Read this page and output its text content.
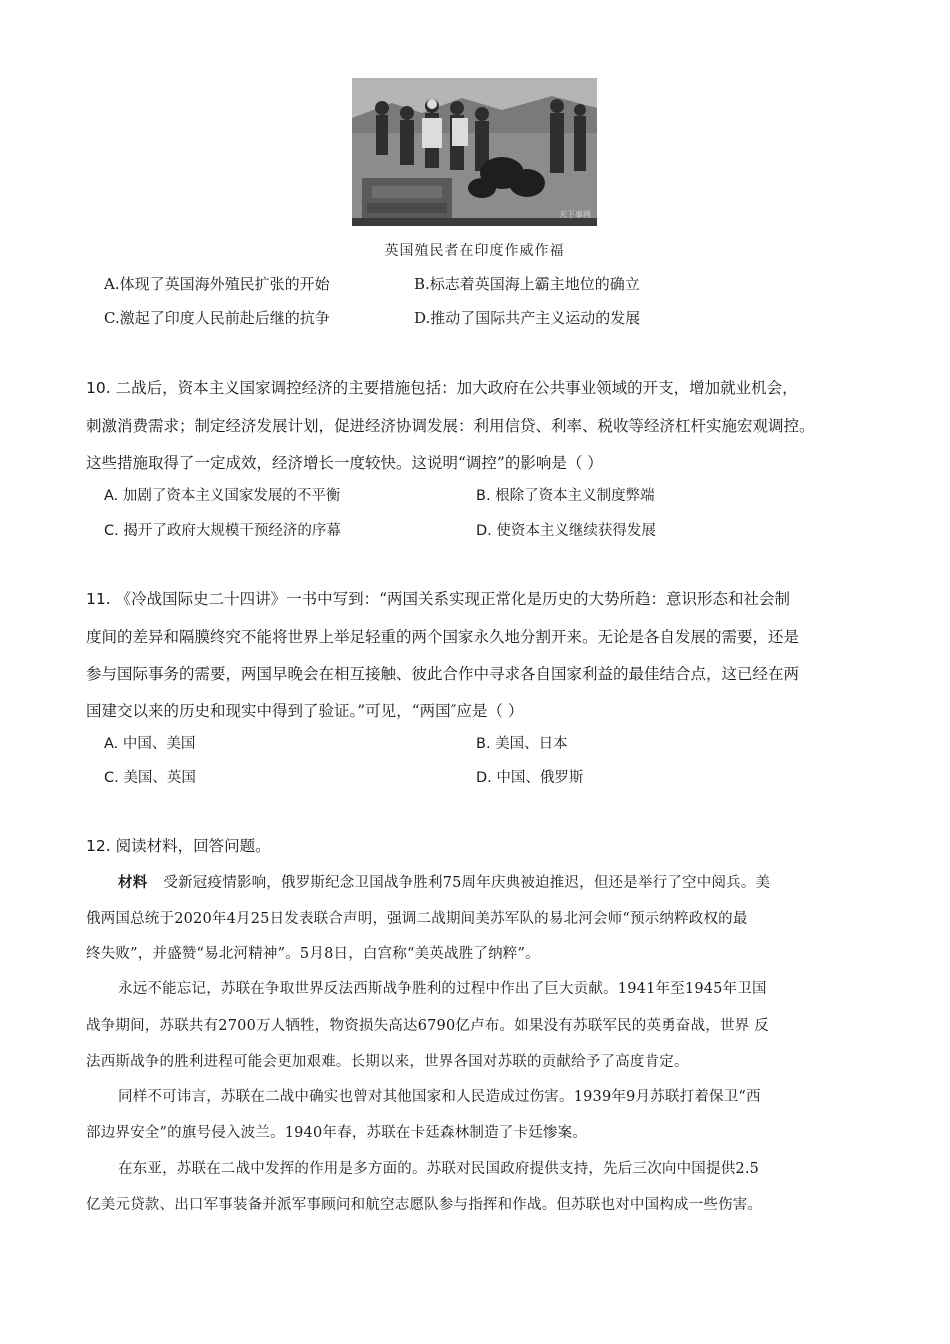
天下事网
英国殖民者在印度作威作福
A.体现了英国海外殖民扩张的开始	B.标志着英国海上霸主地位的确立
C.激起了印度人民前赴后继的抗争	D.推动了国际共产主义运动的发展
10. 二战后，资本主义国家调控经济的主要措施包括：加大政府在公共事业领域的开支，增加就业机会，
刺激消费需求；制定经济发展计划，促进经济协调发展：利用信贷、利率、税收等经济杠杆实施宏观调控。
这些措施取得了一定成效，经济增长一度较快。这说明“调控”的影响是（ ）
A. 加剧了资本主义国家发展的不平衡	B. 根除了资本主义制度弊端
C. 揭开了政府大规模干预经济的序幕	D. 使资本主义继续获得发展
11. 《冷战国际史二十四讲》一书中写到：“两国关系实现正常化是历史的大势所趋：意识形态和社会制
度间的差异和隔膜终究不能将世界上举足轻重的两个国家永久地分割开来。无论是各自发展的需要，还是
参与国际事务的需要，两国早晚会在相互接触、彼此合作中寻求各自国家利益的最佳结合点，这已经在两
国建交以来的历史和现实中得到了验证。”可见，“两国″应是（ ）
A. 中国、美国	B. 美国、日本
C. 美国、英国	D. 中国、俄罗斯
12. 阅读材料，回答问题。
材料 受新冠疫情影响，俄罗斯纪念卫国战争胜利75周年庆典被迫推迟，但还是举行了空中阅兵。美
俄两国总统于2020年4月25日发表联合声明，强调二战期间美苏军队的易北河会师“预示纳粹政权的最
终失败”，并盛赞“易北河精神”。5月8日，白宫称“美英战胜了纳粹”。
永远不能忘记，苏联在争取世界反法西斯战争胜利的过程中作出了巨大贡献。1941年至1945年卫国
战争期间，苏联共有2700万人牺牲，物资损失高达6790亿卢布。如果没有苏联军民的英勇奋战，世界 反
法西斯战争的胜利进程可能会更加艰难。长期以来，世界各国对苏联的贡献给予了高度肯定。
同样不可讳言，苏联在二战中确实也曾对其他国家和人民造成过伤害。1939年9月苏联打着保卫“西
部边界安全”的旗号侵入波兰。1940年春，苏联在卡廷森林制造了卡廷惨案。
在东亚，苏联在二战中发挥的作用是多方面的。苏联对民国政府提供支持，先后三次向中国提供2.5
亿美元贷款、出口军事装备并派军事顾问和航空志愿队参与指挥和作战。但苏联也对中国构成一些伤害。
